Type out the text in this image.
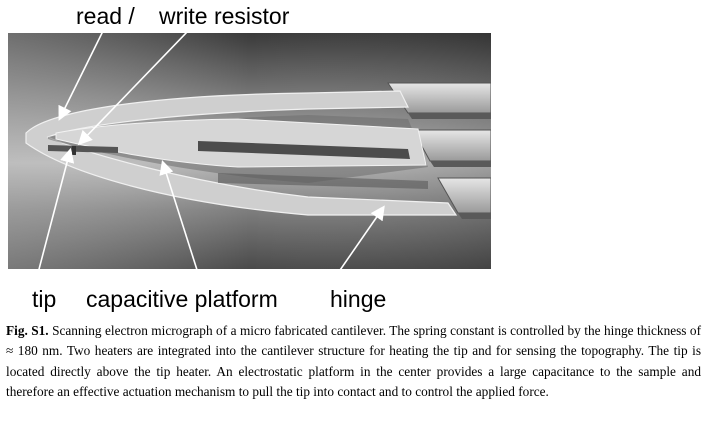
read / write resistor
tip capacitive platform hinge
Fig. S1. Scanning electron micrograph of a micro fabricated cantilever. The spring constant is controlled by the hinge thickness of ≈ 180 nm. Two heaters are integrated into the cantilever structure for heating the tip and for sensing the topography. The tip is located directly above the tip heater. An electrostatic platform in the center provides a large capacitance to the sample and therefore an effective actuation mechanism to pull the tip into contact and to control the applied force.
